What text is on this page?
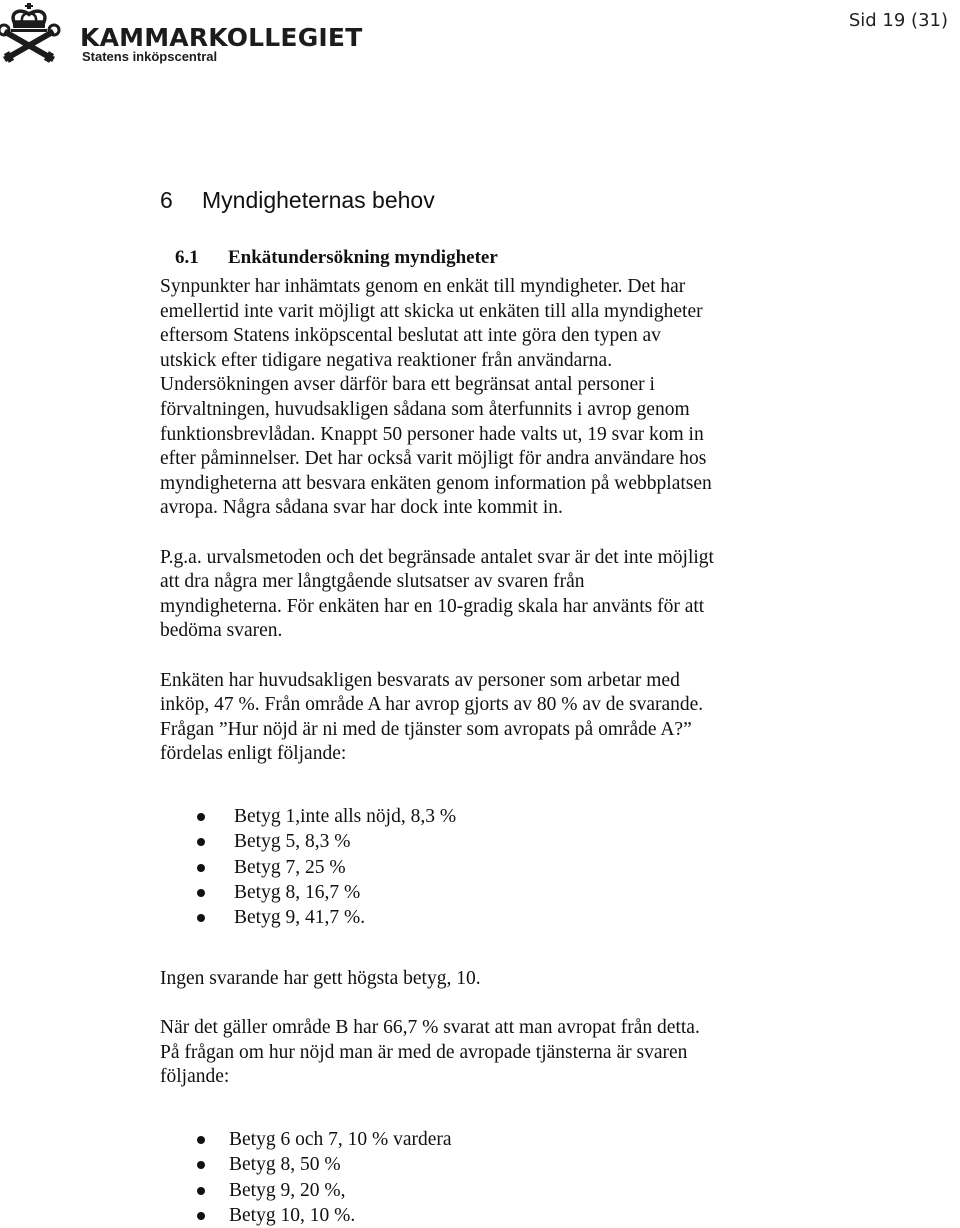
KAMMARKOLLEGIET
Statens inköpscentral
Sid 19 (31)
6 Myndigheternas behov
6.1 Enkätundersökning myndigheter

Synpunkter har inhämtats genom en enkät till myndigheter. Det har
emellertid inte varit möjligt att skicka ut enkäten till alla myndigheter
eftersom Statens inköpscental beslutat att inte göra den typen av
utskick efter tidigare negativa reaktioner från användarna.
Undersökningen avser därför bara ett begränsat antal personer i
förvaltningen, huvudsakligen sådana som återfunnits i avrop genom
funktionsbrevlådan. Knappt 50 personer hade valts ut, 19 svar kom in
efter påminnelser. Det har också varit möjligt för andra användare hos
myndigheterna att besvara enkäten genom information på webbplatsen
avropa. Några sådana svar har dock inte kommit in.

P.g.a. urvalsmetoden och det begränsade antalet svar är det inte möjligt
att dra några mer långtgående slutsatser av svaren från
myndigheterna. För enkäten har en 10-gradig skala har använts för att
bedöma svaren.

Enkäten har huvudsakligen besvarats av personer som arbetar med
inköp, 47 %. Från område A har avrop gjorts av 80 % av de svarande.
Frågan ”Hur nöjd är ni med de tjänster som avropats på område A?”
fördelas enligt följande:

Betyg 1,inte alls nöjd, 8,3 %
Betyg 5, 8,3 %
Betyg 7, 25 %
Betyg 8, 16,7 %
Betyg 9, 41,7 %.

Ingen svarande har gett högsta betyg, 10.

När det gäller område B har 66,7 % svarat att man avropat från detta.
På frågan om hur nöjd man är med de avropade tjänsterna är svaren
följande:

Betyg 6 och 7, 10 % vardera
Betyg 8, 50 %
Betyg 9, 20 %,
Betyg 10, 10 %.
